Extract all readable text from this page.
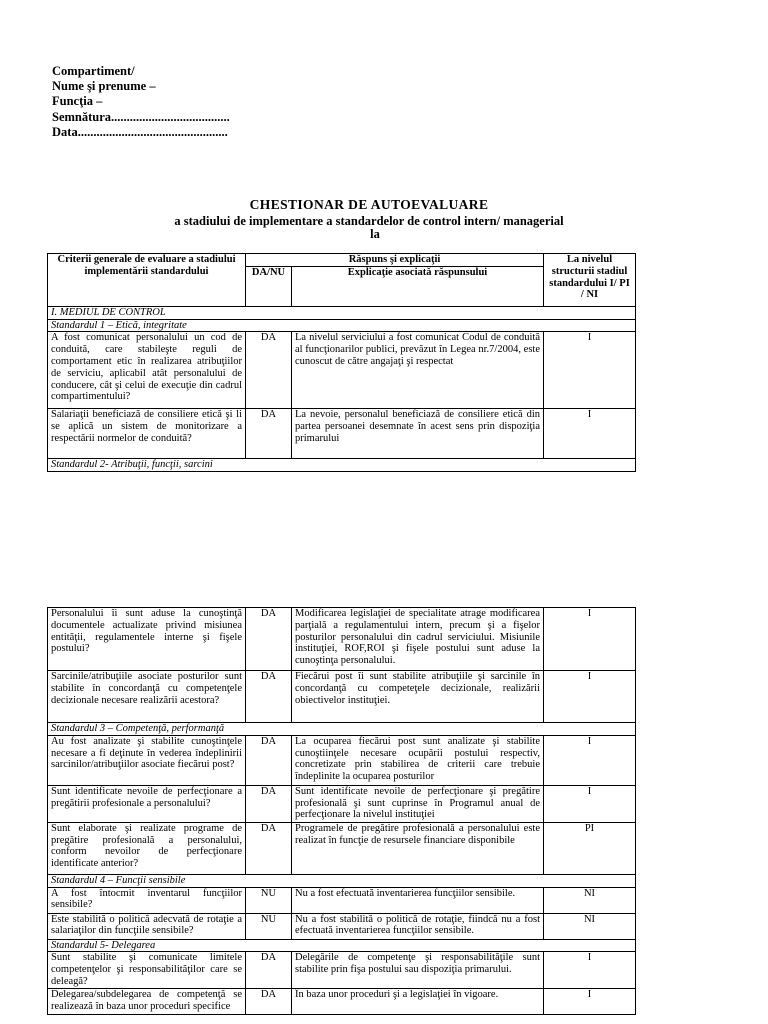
Compartiment/
Nume şi prenume –
Funcţia –
Semnătura......................................
Data................................................
CHESTIONAR DE AUTOEVALUARE
a stadiului de implementare a standardelor de control intern/ managerial
la
Criterii generale de evaluare a stadiului implementării standardului	Răspuns şi explicaţii		La nivelul structurii stadiul standardului I/ PI / NI
	DA/NU	Explicaţie asociată răspunsului	
I. MEDIUL DE CONTROL			
Standardul 1 – Etică, integritate			
A fost comunicat personalului un cod de conduită, care stabileşte reguli de comportament etic în realizarea atribuţiilor de serviciu, aplicabil atât personalului de conducere, cât şi celui de execuţie din cadrul compartimentului?	DA	La nivelul serviciului a fost comunicat Codul de conduită al funcţionarilor publici, prevăzut în Legea nr.7/2004, este cunoscut de către angajaţi şi respectat	I
Salariaţii beneficiază de consiliere etică şi li se aplică un sistem de monitorizare a respectării normelor de conduită?	DA	La nevoie, personalul beneficiază de consiliere etică din partea persoanei desemnate în acest sens prin dispoziţia primarului	I
Standardul 2- Atribuţii, funcţii, sarcini			
Personalului îi sunt aduse la cunoştinţă documentele actualizate privind misiunea entităţii, regulamentele interne şi fişele postului?	DA	Modificarea legislaţiei de specialitate atrage modificarea parţială a regulamentului intern, precum şi a fişelor posturilor personalului din cadrul serviciului. Misiunile instituţiei, ROF,ROI şi fişele postului sunt aduse la cunoştinţa personalului.	I
Sarcinile/atribuţiile asociate posturilor sunt stabilite în concordanţă cu competenţele decizionale necesare realizării acestora?	DA	Fiecărui post îi sunt stabilite atribuţiile şi sarcinile în concordanţă cu competeţele decizionale, realizării obiectivelor instituţiei.	I
Standardul 3 – Competenţă, performanţă			
Au fost analizate şi stabilite cunoştinţele necesare a fi deţinute în vederea îndeplinirii sarcinilor/atribuţiilor asociate fiecărui post?	DA	La ocuparea fiecărui post sunt analizate şi stabilite cunoştiinţele necesare ocupării postului respectiv, concretizate prin stabilirea de criterii care trebuie îndeplinite la ocuparea posturilor	I
Sunt identificate nevoile de perfecţionare a pregătirii profesionale a personalului?	DA	Sunt identificate nevoile de perfecţionare şi pregătire profesională şi sunt cuprinse în Programul anual de perfecţionare la nivelul instituţiei	I
Sunt elaborate şi realizate programe de pregătire profesională a personalului, conform nevoilor de perfecţionare identificate anterior?	DA	Programele de pregătire profesională a personalului este realizat în funcţie de resursele financiare disponibile	PI
Standardul 4 – Funcţii sensibile			
A fost întocmit inventarul funcţiilor sensibile?	NU	Nu a fost efectuată inventarierea funcţiilor sensibile.	NI
Este stabilită o politică adecvată de rotaţie a salariaţilor din funcţiile sensibile?	NU	Nu a fost stabilită o politică de rotaţie, fiindcă nu a fost efectuată inventarierea funcţiilor sensibile.	NI
Standardul 5- Delegarea			
Sunt stabilite şi comunicate limitele competenţelor şi responsabilităţilor care se deleagă?	DA	Delegările de competenţe şi responsabilităţile sunt stabilite prin fişa postului sau dispoziţia primarului.	I
Delegarea/subdelegarea de competenţă se realizează în baza unor proceduri specifice	DA	În baza unor proceduri şi a legislaţiei în vigoare.	I
